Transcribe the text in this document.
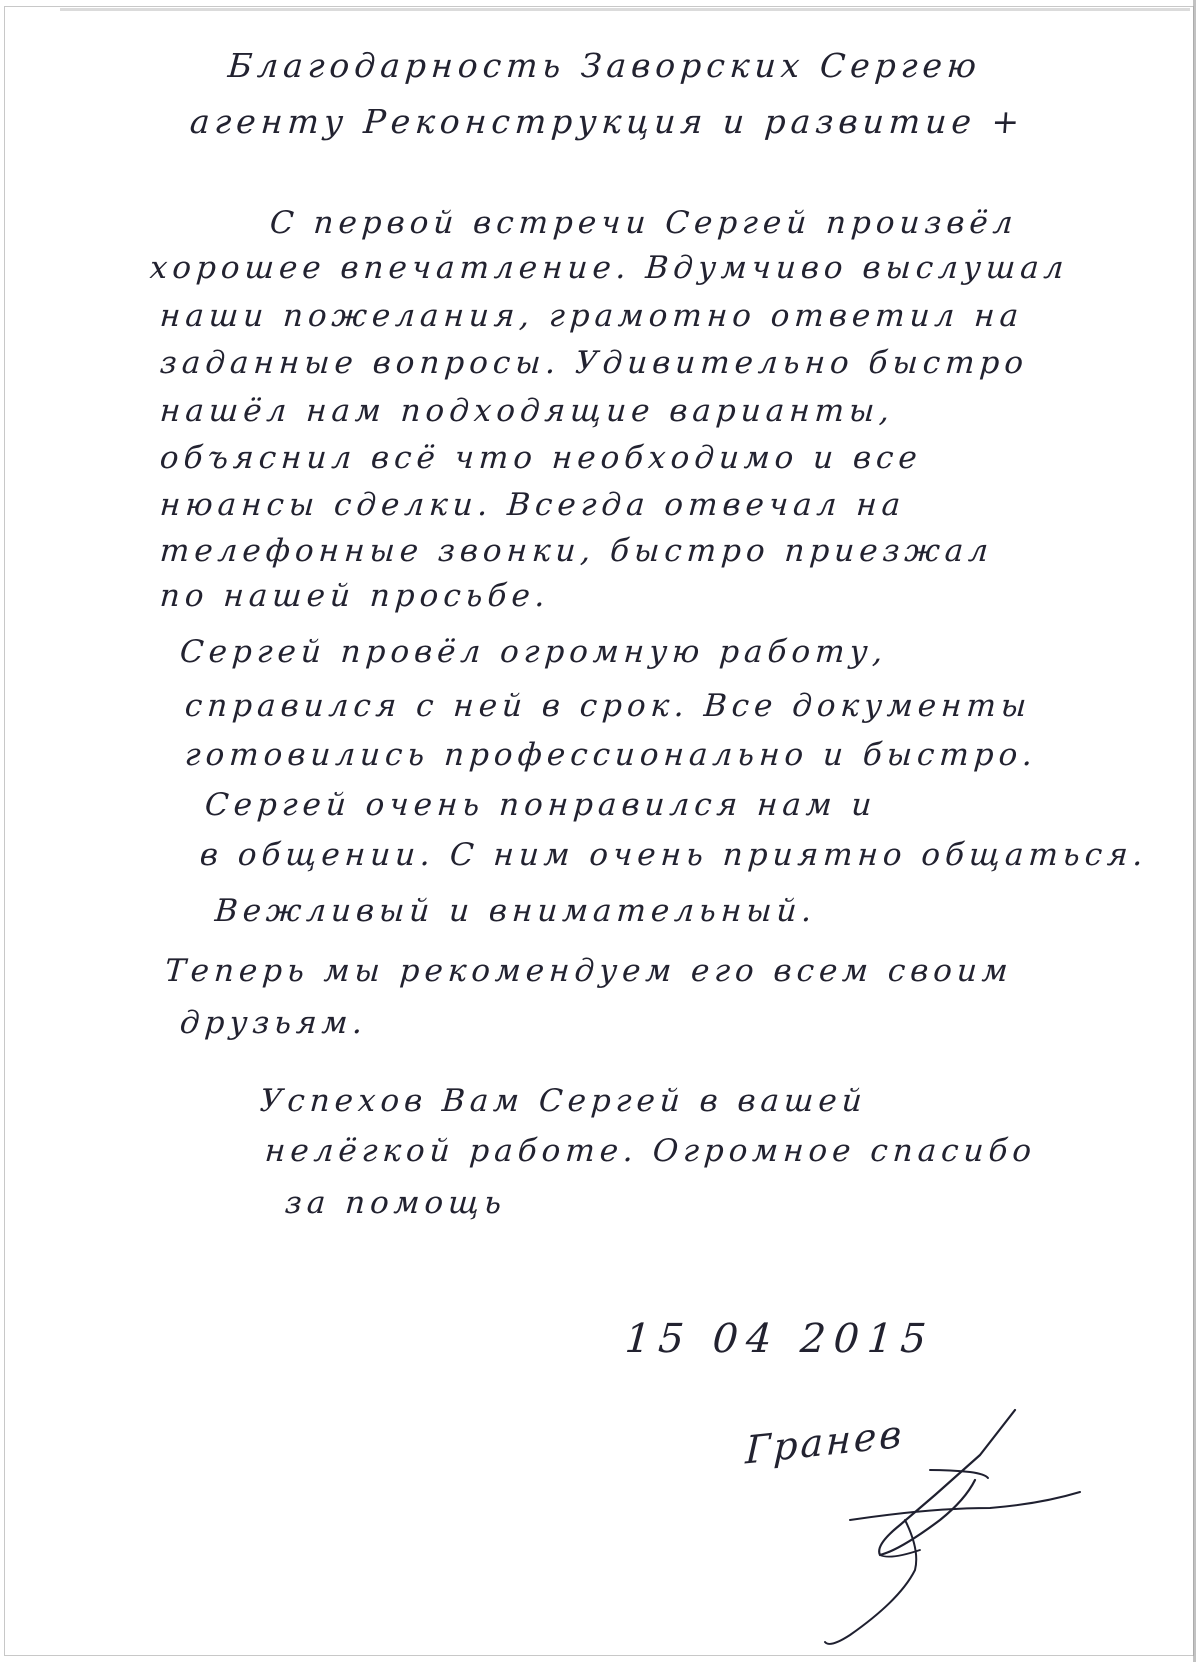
Благодарность Заворских Сергею
агенту Реконструкция и развитие +
С первой встречи Сергей произвёл
хорошее впечатление. Вдумчиво выслушал
наши пожелания, грамотно ответил на
заданные вопросы. Удивительно быстро
нашёл нам подходящие варианты,
объяснил всё что необходимо и все
нюансы сделки. Всегда отвечал на
телефонные звонки, быстро приезжал
по нашей просьбе.
Сергей провёл огромную работу,
справился с ней в срок. Все документы
готовились профессионально и быстро.
Сергей очень понравился нам и
в общении. С ним очень приятно общаться.
Вежливый и внимательный.
Теперь мы рекомендуем его всем своим
друзьям.
Успехов Вам Сергей в вашей
нелёгкой работе. Огромное спасибо
за помощь
15 04 2015
Гранев
